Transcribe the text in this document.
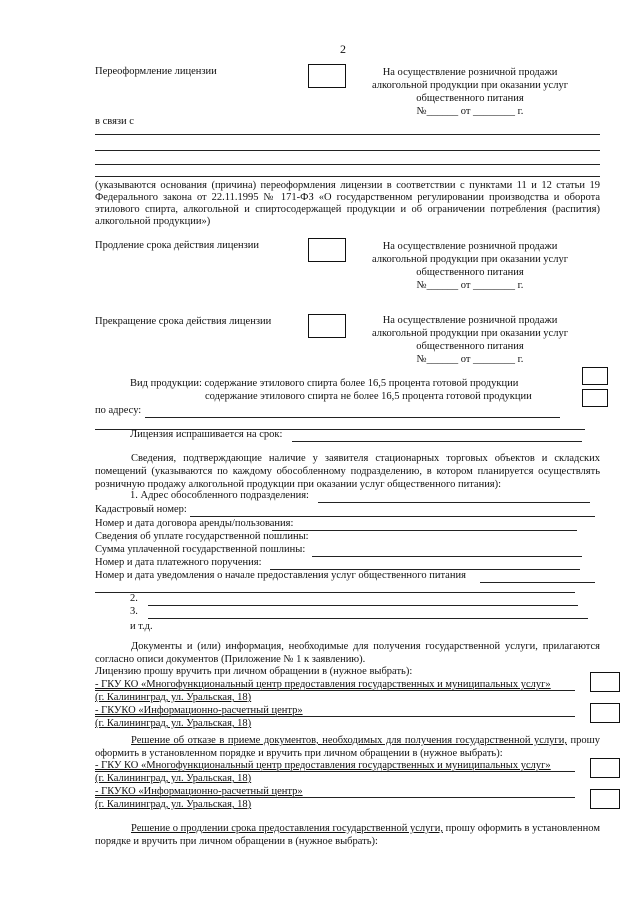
2
Переоформление лицензии	На осуществление розничной продажи
алкогольной продукции при оказании услуг
общественного питания
№______ от ________ г.
в связи с
(указываются основания (причина) переоформления лицензии в соответствии с пунктами 11 и 12 статьи 19 Федерального закона от 22.11.1995 № 171-ФЗ «О государственном регулировании производства и оборота этилового спирта, алкогольной и спиртосодержащей продукции и об ограничении потребления (распития) алкогольной продукции»)
Продление срока действия лицензии	На осуществление розничной продажи
алкогольной продукции при оказании услуг
общественного питания
№______ от ________ г.
Прекращение срока действия лицензии	На осуществление розничной продажи
алкогольной продукции при оказании услуг
общественного питания
№______ от ________ г.
Вид продукции: содержание этилового спирта более 16,5 процента готовой продукции
содержание этилового спирта не более 16,5 процента готовой продукции
по адресу:
Лицензия испрашивается на срок:
Сведения, подтверждающие наличие у заявителя стационарных торговых объектов и складских помещений (указываются по каждому обособленному подразделению, в котором планируется осуществлять розничную продажу алкогольной продукции при оказании услуг общественного питания):
1. Адрес обособленного подразделения:
Кадастровый номер:
Номер и дата договора аренды/пользования:
Сведения об уплате государственной пошлины:
Сумма уплаченной государственной пошлины:
Номер и дата платежного поручения:
Номер и дата уведомления о начале предоставления услуг общественного питания
2.
3.
и т.д.
Документы и (или) информация, необходимые для получения государственной услуги, прилагаются согласно описи документов (Приложение № 1 к заявлению).
Лицензию прошу вручить при личном обращении в (нужное выбрать):
- ГКУ КО «Многофункциональный центр предоставления государственных и муниципальных услуг»
(г. Калининград, ул. Уральская, 18)
- ГКУКО «Информационно-расчетный центр»
(г. Калининград, ул. Уральская, 18)
Решение об отказе в приеме документов, необходимых для получения государственной услуги, прошу оформить в установленном порядке и вручить при личном обращении в (нужное выбрать):
- ГКУ КО «Многофункциональный центр предоставления государственных и муниципальных услуг»
(г. Калининград, ул. Уральская, 18)
- ГКУКО «Информационно-расчетный центр»
(г. Калининград, ул. Уральская, 18)
Решение о продлении срока предоставления государственной услуги, прошу оформить в установленном порядке и вручить при личном обращении в (нужное выбрать):
